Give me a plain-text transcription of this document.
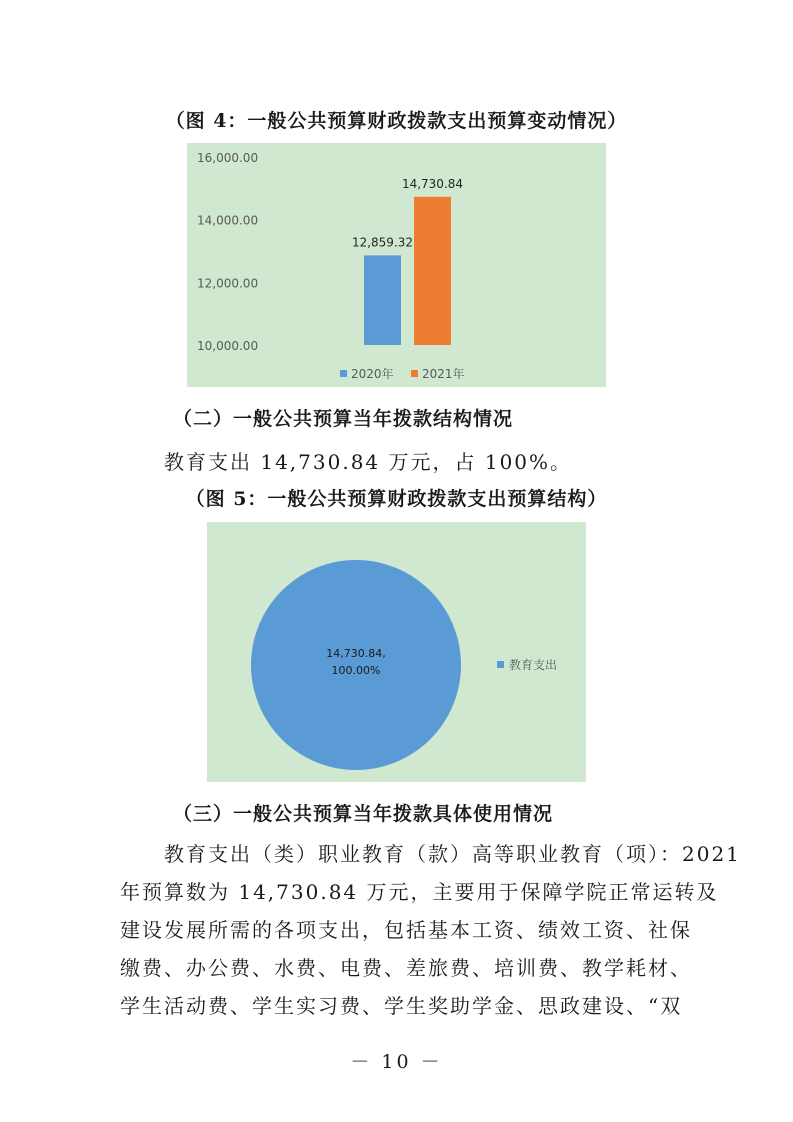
（图 4：一般公共预算财政拨款支出预算变动情况）
16,000.00
14,000.00
12,000.00
10,000.00
12,859.32
14,730.84
2020年 2021年
（二）一般公共预算当年拨款结构情况
教育支出 14,730.84 万元，占 100%。
（图 5：一般公共预算财政拨款支出预算结构）
14,730.84,
100.00%	教育支出
（三）一般公共预算当年拨款具体使用情况
教育支出（类）职业教育（款）高等职业教育（项）：2021
年预算数为 14,730.84 万元，主要用于保障学院正常运转及
建设发展所需的各项支出，包括基本工资、绩效工资、社保
缴费、办公费、水费、电费、差旅费、培训费、教学耗材、
学生活动费、学生实习费、学生奖助学金、思政建设、“双
－ 10 －
